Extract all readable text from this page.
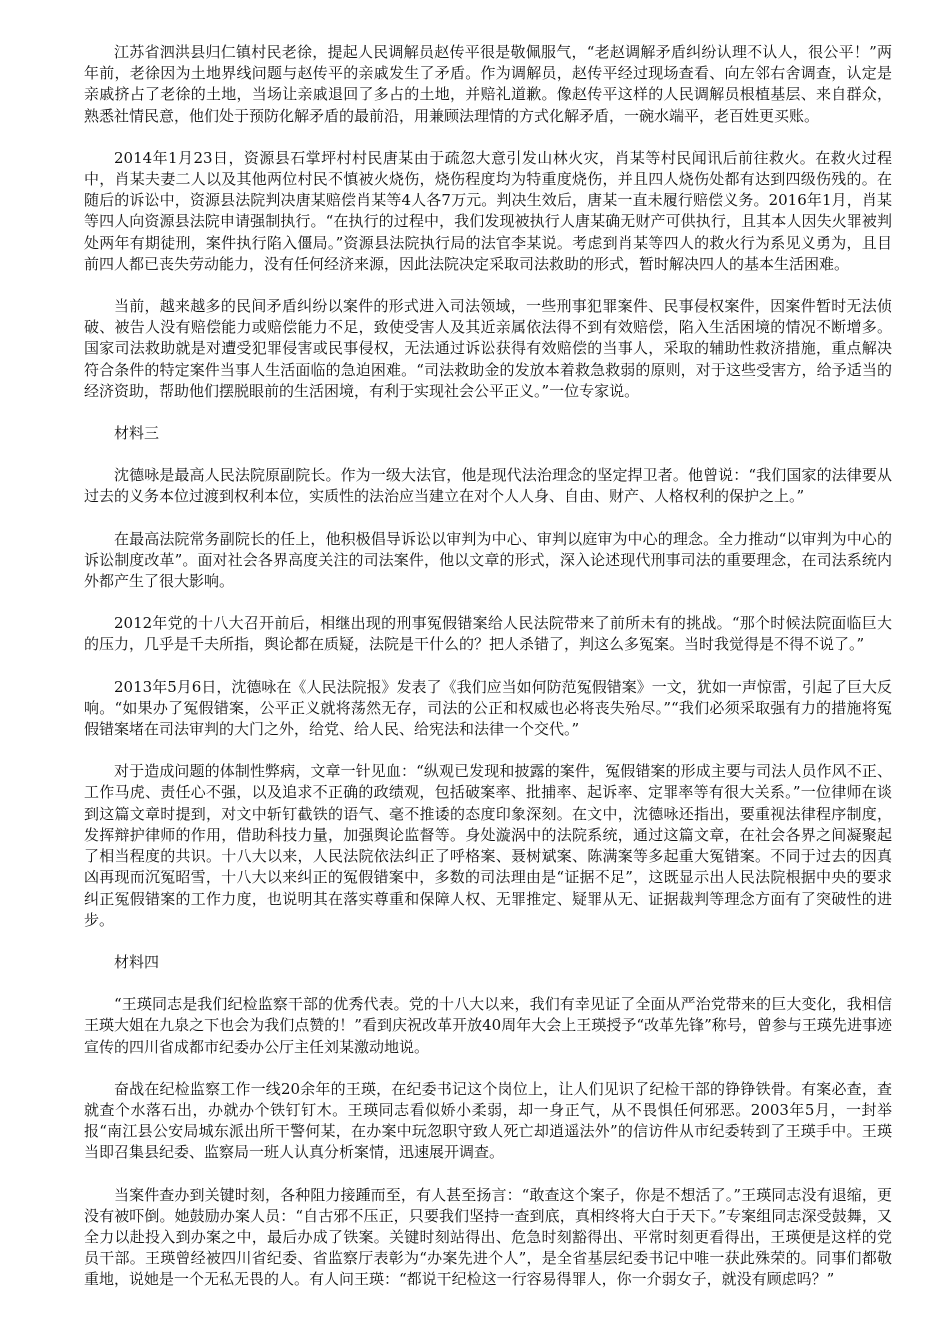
江苏省泗洪县归仁镇村民老徐，提起人民调解员赵传平很是敬佩服气，“老赵调解矛盾纠纷认理不认人，很公平！”两年前，老徐因为土地界线问题与赵传平的亲戚发生了矛盾。作为调解员，赵传平经过现场查看、向左邻右舍调查，认定是亲戚挤占了老徐的土地，当场让亲戚退回了多占的土地，并赔礼道歉。像赵传平这样的人民调解员根植基层、来自群众，熟悉社情民意，他们处于预防化解矛盾的最前沿，用兼顾法理情的方式化解矛盾，一碗水端平，老百姓更买账。

2014年1月23日，资源县石掌坪村村民唐某由于疏忽大意引发山林火灾，肖某等村民闻讯后前往救火。在救火过程中，肖某夫妻二人以及其他两位村民不慎被火烧伤，烧伤程度均为特重度烧伤，并且四人烧伤处都有达到四级伤残的。在随后的诉讼中，资源县法院判决唐某赔偿肖某等4人各7万元。判决生效后，唐某一直未履行赔偿义务。2016年1月，肖某等四人向资源县法院申请强制执行。“在执行的过程中，我们发现被执行人唐某确无财产可供执行，且其本人因失火罪被判处两年有期徒刑，案件执行陷入僵局。”资源县法院执行局的法官李某说。考虑到肖某等四人的救火行为系见义勇为，且目前四人都已丧失劳动能力，没有任何经济来源，因此法院决定采取司法救助的形式，暂时解决四人的基本生活困难。

当前，越来越多的民间矛盾纠纷以案件的形式进入司法领域，一些刑事犯罪案件、民事侵权案件，因案件暂时无法侦破、被告人没有赔偿能力或赔偿能力不足，致使受害人及其近亲属依法得不到有效赔偿，陷入生活困境的情况不断增多。国家司法救助就是对遭受犯罪侵害或民事侵权，无法通过诉讼获得有效赔偿的当事人，采取的辅助性救济措施，重点解决符合条件的特定案件当事人生活面临的急迫困难。“司法救助金的发放本着救急救弱的原则，对于这些受害方，给予适当的经济资助，帮助他们摆脱眼前的生活困境，有利于实现社会公平正义。”一位专家说。

材料三

沈德咏是最高人民法院原副院长。作为一级大法官，他是现代法治理念的坚定捍卫者。他曾说：“我们国家的法律要从过去的义务本位过渡到权利本位，实质性的法治应当建立在对个人人身、自由、财产、人格权利的保护之上。”

在最高法院常务副院长的任上，他积极倡导诉讼以审判为中心、审判以庭审为中心的理念。全力推动“以审判为中心的诉讼制度改革”。面对社会各界高度关注的司法案件，他以文章的形式，深入论述现代刑事司法的重要理念，在司法系统内外都产生了很大影响。

2012年党的十八大召开前后，相继出现的刑事冤假错案给人民法院带来了前所未有的挑战。“那个时候法院面临巨大的压力，几乎是千夫所指，舆论都在质疑，法院是干什么的？把人杀错了，判这么多冤案。当时我觉得是不得不说了。”

2013年5月6日，沈德咏在《人民法院报》发表了《我们应当如何防范冤假错案》一文，犹如一声惊雷，引起了巨大反响。“如果办了冤假错案，公平正义就将荡然无存，司法的公正和权威也必将丧失殆尽。”“我们必须采取强有力的措施将冤假错案堵在司法审判的大门之外，给党、给人民、给宪法和法律一个交代。”

对于造成问题的体制性弊病，文章一针见血：“纵观已发现和披露的案件，冤假错案的形成主要与司法人员作风不正、工作马虎、责任心不强，以及追求不正确的政绩观，包括破案率、批捕率、起诉率、定罪率等有很大关系。”一位律师在谈到这篇文章时提到，对文中斩钉截铁的语气、毫不推诿的态度印象深刻。在文中，沈德咏还指出，要重视法律程序制度，发挥辩护律师的作用，借助科技力量，加强舆论监督等。身处漩涡中的法院系统，通过这篇文章，在社会各界之间凝聚起了相当程度的共识。十八大以来，人民法院依法纠正了呼格案、聂树斌案、陈满案等多起重大冤错案。不同于过去的因真凶再现而沉冤昭雪，十八大以来纠正的冤假错案中，多数的司法理由是“证据不足”，这既显示出人民法院根据中央的要求纠正冤假错案的工作力度，也说明其在落实尊重和保障人权、无罪推定、疑罪从无、证据裁判等理念方面有了突破性的进步。

材料四

“王瑛同志是我们纪检监察干部的优秀代表。党的十八大以来，我们有幸见证了全面从严治党带来的巨大变化，我相信王瑛大姐在九泉之下也会为我们点赞的！”看到庆祝改革开放40周年大会上王瑛授予“改革先锋”称号，曾参与王瑛先进事迹宣传的四川省成都市纪委办公厅主任刘某激动地说。

奋战在纪检监察工作一线20余年的王瑛，在纪委书记这个岗位上，让人们见识了纪检干部的铮铮铁骨。有案必查，查就查个水落石出，办就办个铁钉钉木。王瑛同志看似娇小柔弱，却一身正气，从不畏惧任何邪恶。2003年5月，一封举报“南江县公安局城东派出所干警何某，在办案中玩忽职守致人死亡却逍遥法外”的信访件从市纪委转到了王瑛手中。王瑛当即召集县纪委、监察局一班人认真分析案情，迅速展开调查。

当案件查办到关键时刻，各种阻力接踵而至，有人甚至扬言：“敢查这个案子，你是不想活了。”王瑛同志没有退缩，更没有被吓倒。她鼓励办案人员：“自古邪不压正，只要我们坚持一查到底，真相终将大白于天下。”专案组同志深受鼓舞，又全力以赴投入到办案之中，最后办成了铁案。关键时刻站得出、危急时刻豁得出、平常时刻更看得出，王瑛便是这样的党员干部。王瑛曾经被四川省纪委、省监察厅表彰为“办案先进个人”，是全省基层纪委书记中唯一获此殊荣的。同事们都敬重地，说她是一个无私无畏的人。有人问王瑛：“都说干纪检这一行容易得罪人，你一介弱女子，就没有顾虑吗？”
